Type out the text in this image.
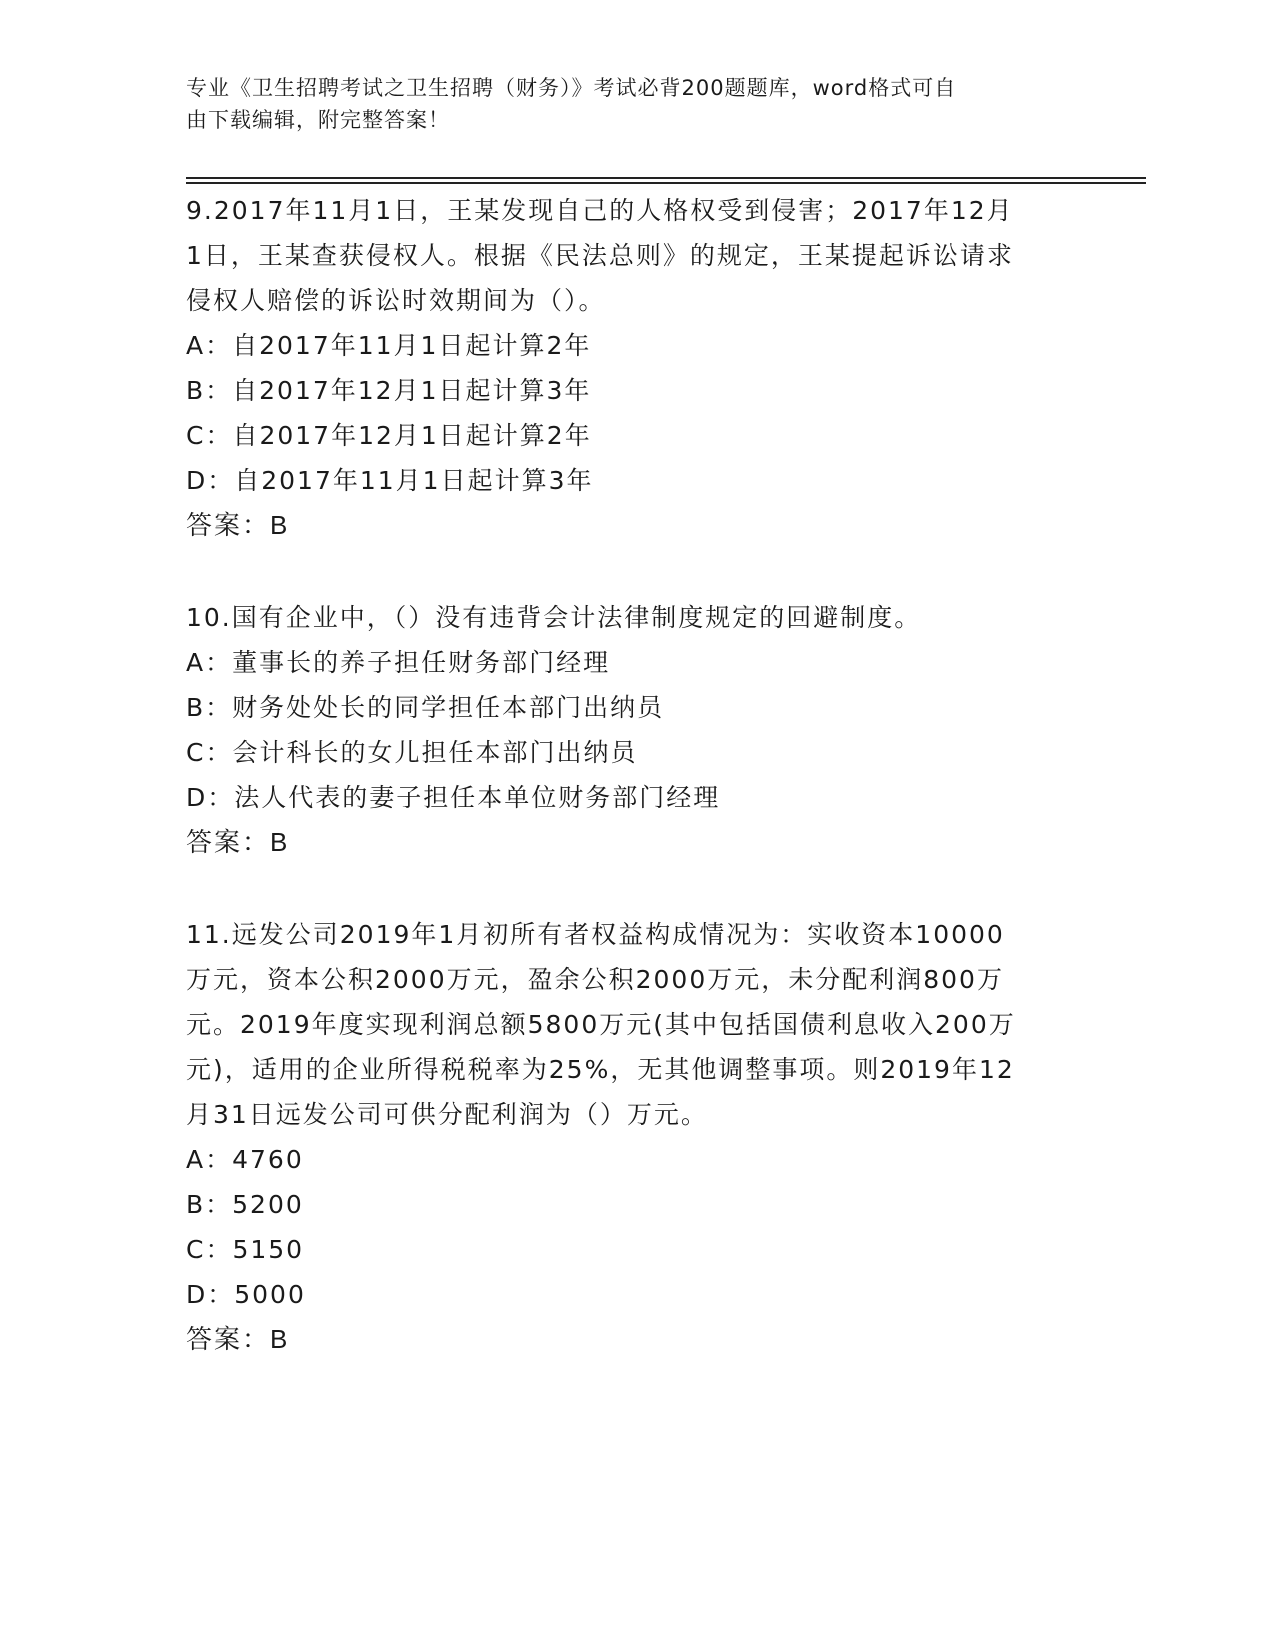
专业《卫生招聘考试之卫生招聘（财务）》考试必背200题题库，word格式可自
由下载编辑，附完整答案！
9.2017年11月1日，王某发现自己的人格权受到侵害；2017年12月
1日，王某查获侵权人。根据《民法总则》的规定，王某提起诉讼请求
侵权人赔偿的诉讼时效期间为（）。
A：自2017年11月1日起计算2年
B：自2017年12月1日起计算3年
C：自2017年12月1日起计算2年
D：自2017年11月1日起计算3年
答案：B
10.国有企业中，（）没有违背会计法律制度规定的回避制度。
A：董事长的养子担任财务部门经理
B：财务处处长的同学担任本部门出纳员
C：会计科长的女儿担任本部门出纳员
D：法人代表的妻子担任本单位财务部门经理
答案：B
11.远发公司2019年1月初所有者权益构成情况为：实收资本10000
万元，资本公积2000万元，盈余公积2000万元，未分配利润800万
元。2019年度实现利润总额5800万元(其中包括国债利息收入200万
元)，适用的企业所得税税率为25%，无其他调整事项。则2019年12
月31日远发公司可供分配利润为（）万元。
A：4760
B：5200
C：5150
D：5000
答案：B
